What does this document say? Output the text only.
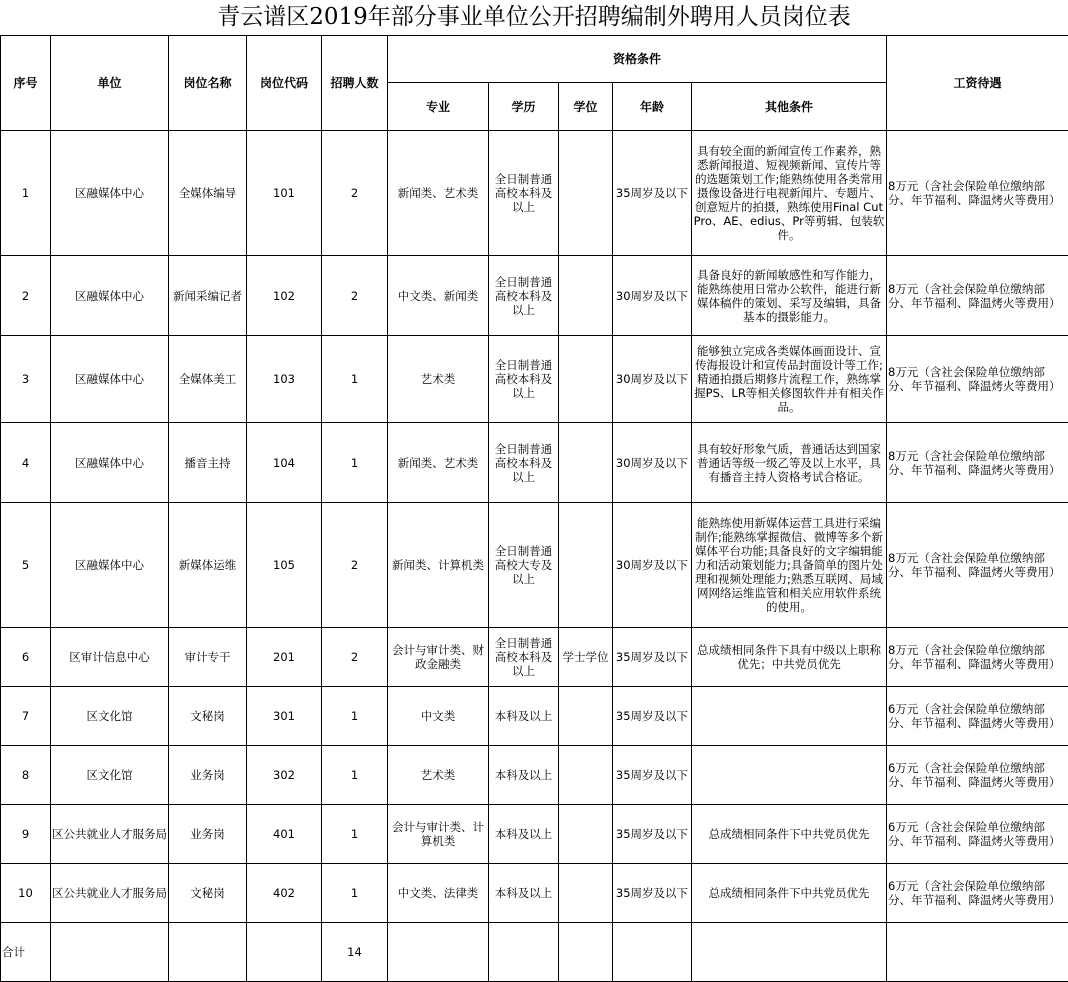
青云谱区2019年部分事业单位公开招聘编制外聘用人员岗位表
序号	单位	岗位名称	岗位代码	招聘人数	资格条件					工资待遇
					专业	学历	学位	年龄	其他条件	
1	区融媒体中心	全媒体编导	101	2	新闻类、艺术类	全日制普通高校本科及以上		35周岁及以下	具有较全面的新闻宣传工作素养，熟悉新闻报道、短视频新闻、宣传片等的选题策划工作;能熟练使用各类常用摄像设备进行电视新闻片、专题片、创意短片的拍摄，熟练使用Final Cut Pro、AE、edius、Pr等剪辑、包装软件。	8万元（含社会保险单位缴纳部分、年节福利、降温烤火等费用）
2	区融媒体中心	新闻采编记者	102	2	中文类、新闻类	全日制普通高校本科及以上		30周岁及以下	具备良好的新闻敏感性和写作能力，能熟练使用日常办公软件，能进行新媒体稿件的策划、采写及编辑，具备基本的摄影能力。	8万元（含社会保险单位缴纳部分、年节福利、降温烤火等费用）
3	区融媒体中心	全媒体美工	103	1	艺术类	全日制普通高校本科及以上		30周岁及以下	能够独立完成各类媒体画面设计、宣传海报设计和宣传品封面设计等工作;精通拍摄后期修片流程工作，熟练掌握PS、LR等相关修图软件并有相关作品。	8万元（含社会保险单位缴纳部分、年节福利、降温烤火等费用）
4	区融媒体中心	播音主持	104	1	新闻类、艺术类	全日制普通高校本科及以上		30周岁及以下	具有较好形象气质，普通话达到国家普通话等级一级乙等及以上水平，具有播音主持人资格考试合格证。	8万元（含社会保险单位缴纳部分、年节福利、降温烤火等费用）
5	区融媒体中心	新媒体运维	105	2	新闻类、计算机类	全日制普通高校大专及以上		30周岁及以下	能熟练使用新媒体运营工具进行采编制作;能熟练掌握微信、微博等多个新媒体平台功能;具备良好的文字编辑能力和活动策划能力;具备简单的图片处理和视频处理能力;熟悉互联网、局域网网络运维监管和相关应用软件系统的使用。	8万元（含社会保险单位缴纳部分、年节福利、降温烤火等费用）
6	区审计信息中心	审计专干	201	2	会计与审计类、财政金融类	全日制普通高校本科及以上	学士学位	35周岁及以下	总成绩相同条件下具有中级以上职称优先；中共党员优先	8万元（含社会保险单位缴纳部分、年节福利、降温烤火等费用）
7	区文化馆	文秘岗	301	1	中文类	本科及以上		35周岁及以下		6万元（含社会保险单位缴纳部分、年节福利、降温烤火等费用）
8	区文化馆	业务岗	302	1	艺术类	本科及以上		35周岁及以下		6万元（含社会保险单位缴纳部分、年节福利、降温烤火等费用）
9	区公共就业人才服务局	业务岗	401	1	会计与审计类、计算机类	本科及以上		35周岁及以下	总成绩相同条件下中共党员优先	6万元（含社会保险单位缴纳部分、年节福利、降温烤火等费用）
10	区公共就业人才服务局	文秘岗	402	1	中文类、法律类	本科及以上		35周岁及以下	总成绩相同条件下中共党员优先	6万元（含社会保险单位缴纳部分、年节福利、降温烤火等费用）
合计				14						
